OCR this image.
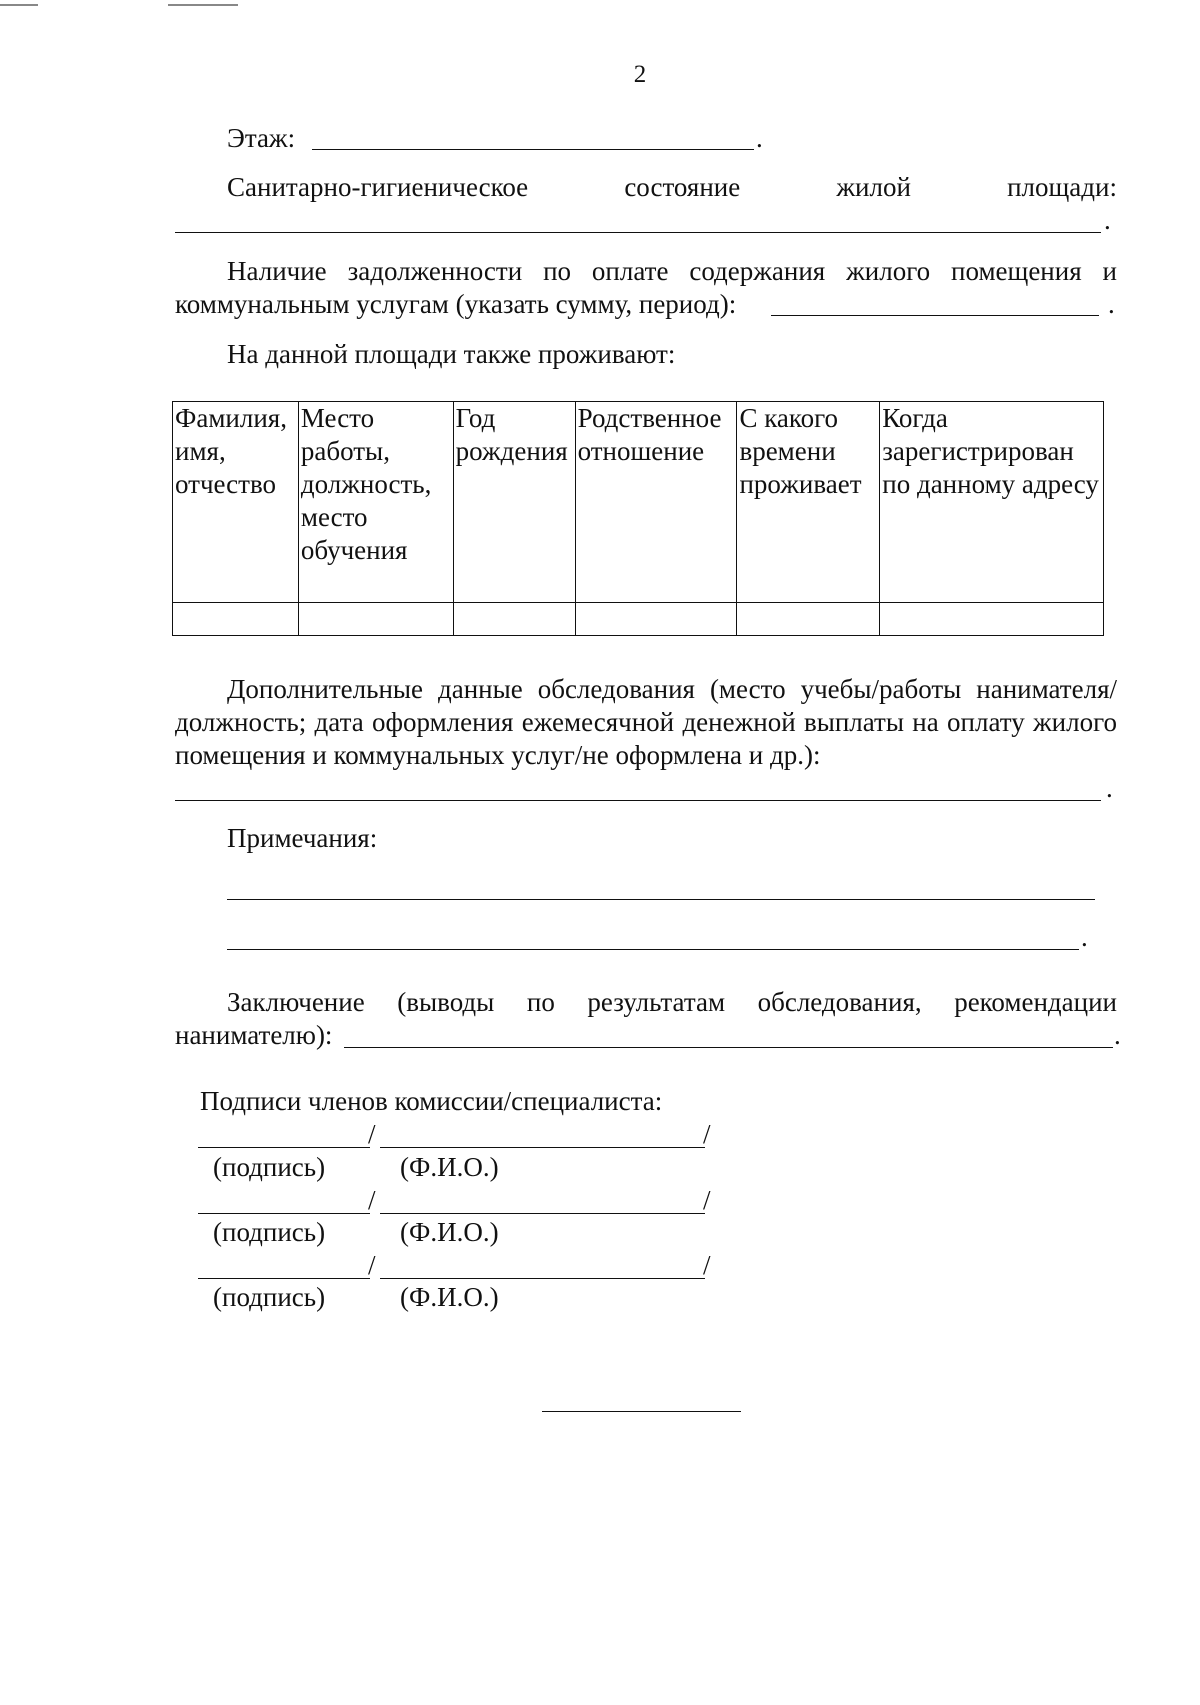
2
Этаж:	.
Санитарно-гигиеническое	состояние	жилой	площади:
.
Наличие задолженности по оплате содержания жилого помещения и
коммунальным услугам (указать сумму, период):	.
На данной площади также проживают:
Фамилия, имя, отчество	Место работы, должность, место обучения	Год рождения	Родственное отношение	С какого времени проживает	Когда зарегистрирован по данному адресу

Дополнительные данные обследования (место учебы/работы нанимателя/должность; дата оформления ежемесячной денежной выплаты на оплату жилого помещения и коммунальных услуг/не оформлена и др.):
.
Примечания:
.
Заключение (выводы по результатам обследования, рекомендации
нанимателю):	.
Подписи членов комиссии/специалиста:
/	/
(подпись)	(Ф.И.О.)
/	/
(подпись)	(Ф.И.О.)
/	/
(подпись)	(Ф.И.О.)
